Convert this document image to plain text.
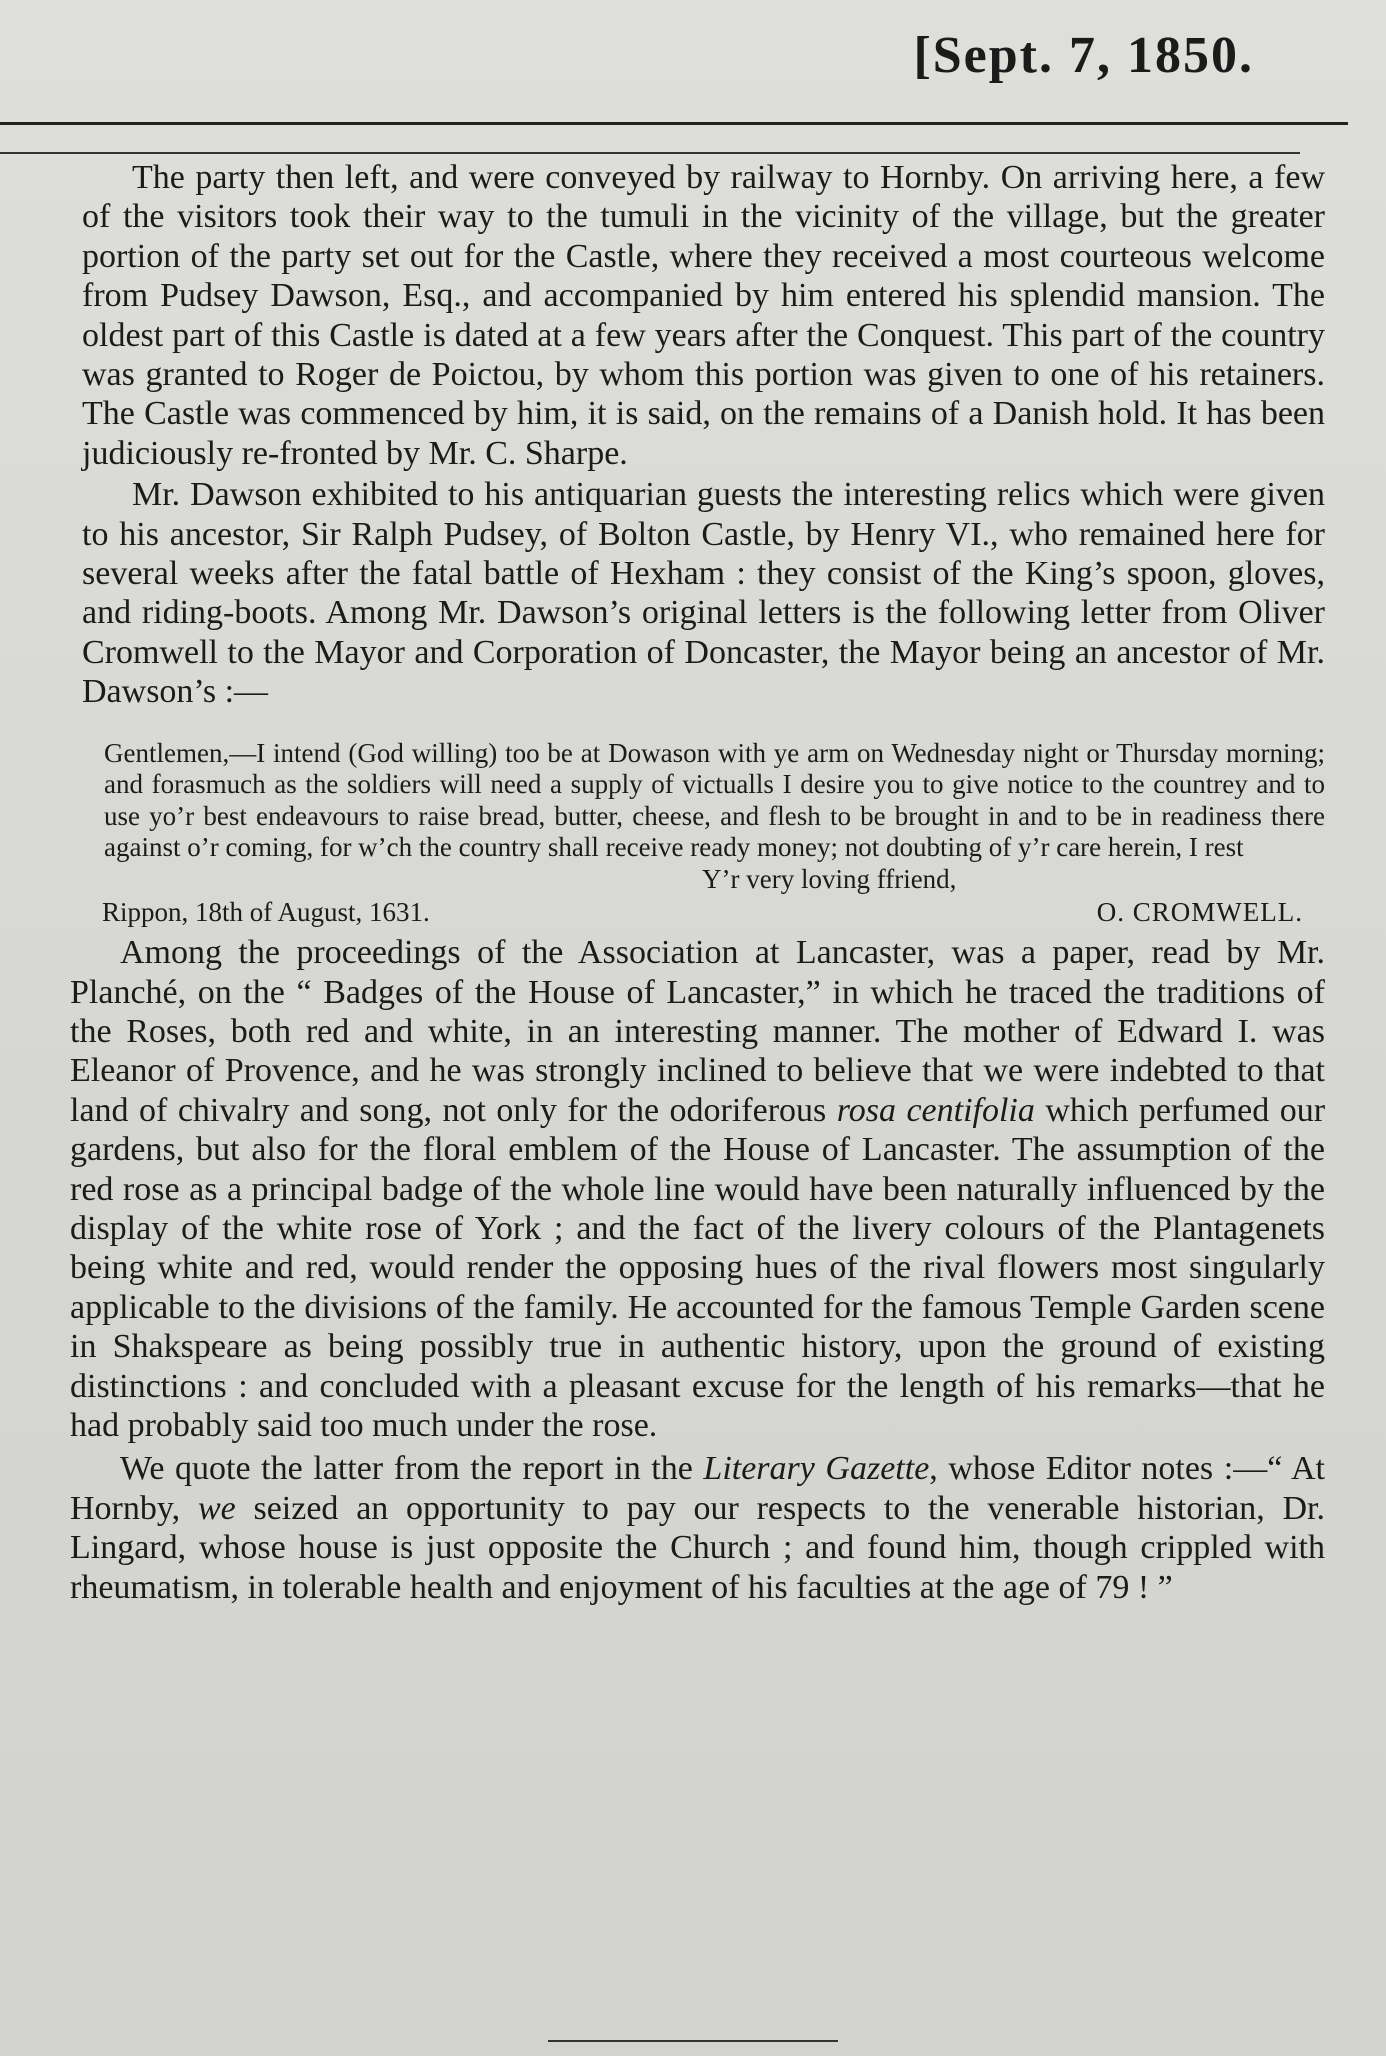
[Sept. 7, 1850.

The party then left, and were conveyed by railway to Hornby. On arriving here, a few of the visitors took their way to the tumuli in the vicinity of the village, but the greater portion of the party set out for the Castle, where they received a most courteous welcome from Pudsey Dawson, Esq., and accompanied by him entered his splendid mansion. The oldest part of this Castle is dated at a few years after the Conquest. This part of the country was granted to Roger de Poictou, by whom this portion was given to one of his retainers. The Castle was commenced by him, it is said, on the remains of a Danish hold. It has been judiciously re-fronted by Mr. C. Sharpe.

Mr. Dawson exhibited to his antiquarian guests the interesting relics which were given to his ancestor, Sir Ralph Pudsey, of Bolton Castle, by Henry VI., who remained here for several weeks after the fatal battle of Hexham : they consist of the King’s spoon, gloves, and riding-boots. Among Mr. Dawson’s original letters is the following letter from Oliver Cromwell to the Mayor and Corporation of Doncaster, the Mayor being an ancestor of Mr. Dawson’s :—

Gentlemen,—I intend (God willing) too be at Dowason with ye arm on Wednesday night or Thursday morning; and forasmuch as the soldiers will need a supply of victualls I desire you to give notice to the countrey and to use yo’r best endeavours to raise bread, butter, cheese, and flesh to be brought in and to be in readiness there against o’r coming, for w’ch the country shall receive ready money; not doubting of y’r care herein, I rest

Y’r very loving ffriend,

Rippon, 18th of August, 1631.	O. CROMWELL.

Among the proceedings of the Association at Lancaster, was a paper, read by Mr. Planché, on the “ Badges of the House of Lancaster,” in which he traced the traditions of the Roses, both red and white, in an interesting manner. The mother of Edward I. was Eleanor of Provence, and he was strongly inclined to believe that we were indebted to that land of chivalry and song, not only for the odoriferous rosa centifolia which perfumed our gardens, but also for the floral emblem of the House of Lancaster. The assumption of the red rose as a principal badge of the whole line would have been naturally influenced by the display of the white rose of York ; and the fact of the livery colours of the Plantagenets being white and red, would render the opposing hues of the rival flowers most singularly applicable to the divisions of the family. He accounted for the famous Temple Garden scene in Shakspeare as being possibly true in authentic history, upon the ground of existing distinctions : and concluded with a pleasant excuse for the length of his remarks—that he had probably said too much under the rose.

We quote the latter from the report in the Literary Gazette, whose Editor notes :—“ At Hornby, we seized an opportunity to pay our respects to the venerable historian, Dr. Lingard, whose house is just opposite the Church ; and found him, though crippled with rheumatism, in tolerable health and enjoyment of his faculties at the age of 79 ! ”
